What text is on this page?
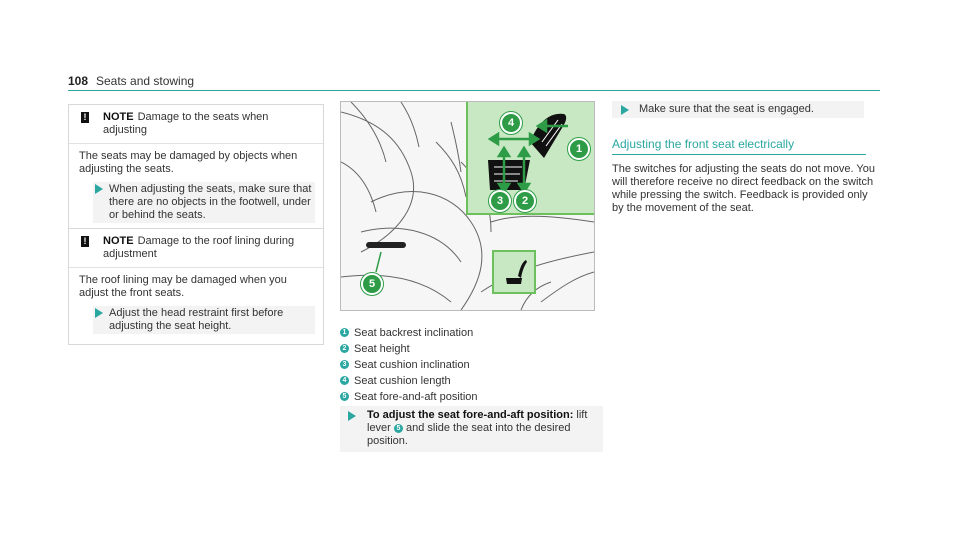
108 Seats and stowing
! NOTE Damage to the seats when adjusting

The seats may be damaged by objects when adjusting the seats.

When adjusting the seats, make sure that there are no objects in the footwell, under or behind the seats.
! NOTE Damage to the roof lining during adjustment

The roof lining may be damaged when you adjust the front seats.

Adjust the head restraint first before adjusting the seat height.
1
2
3
4
5
1 Seat backrest inclination
2 Seat height
3 Seat cushion inclination
4 Seat cushion length
5 Seat fore-and-aft position
To adjust the seat fore-and-aft position: lift lever 5 and slide the seat into the desired position.
Make sure that the seat is engaged.
Adjusting the front seat electrically

The switches for adjusting the seats do not move. You will therefore receive no direct feedback on the switch while pressing the switch. Feedback is provided only by the movement of the seat.
